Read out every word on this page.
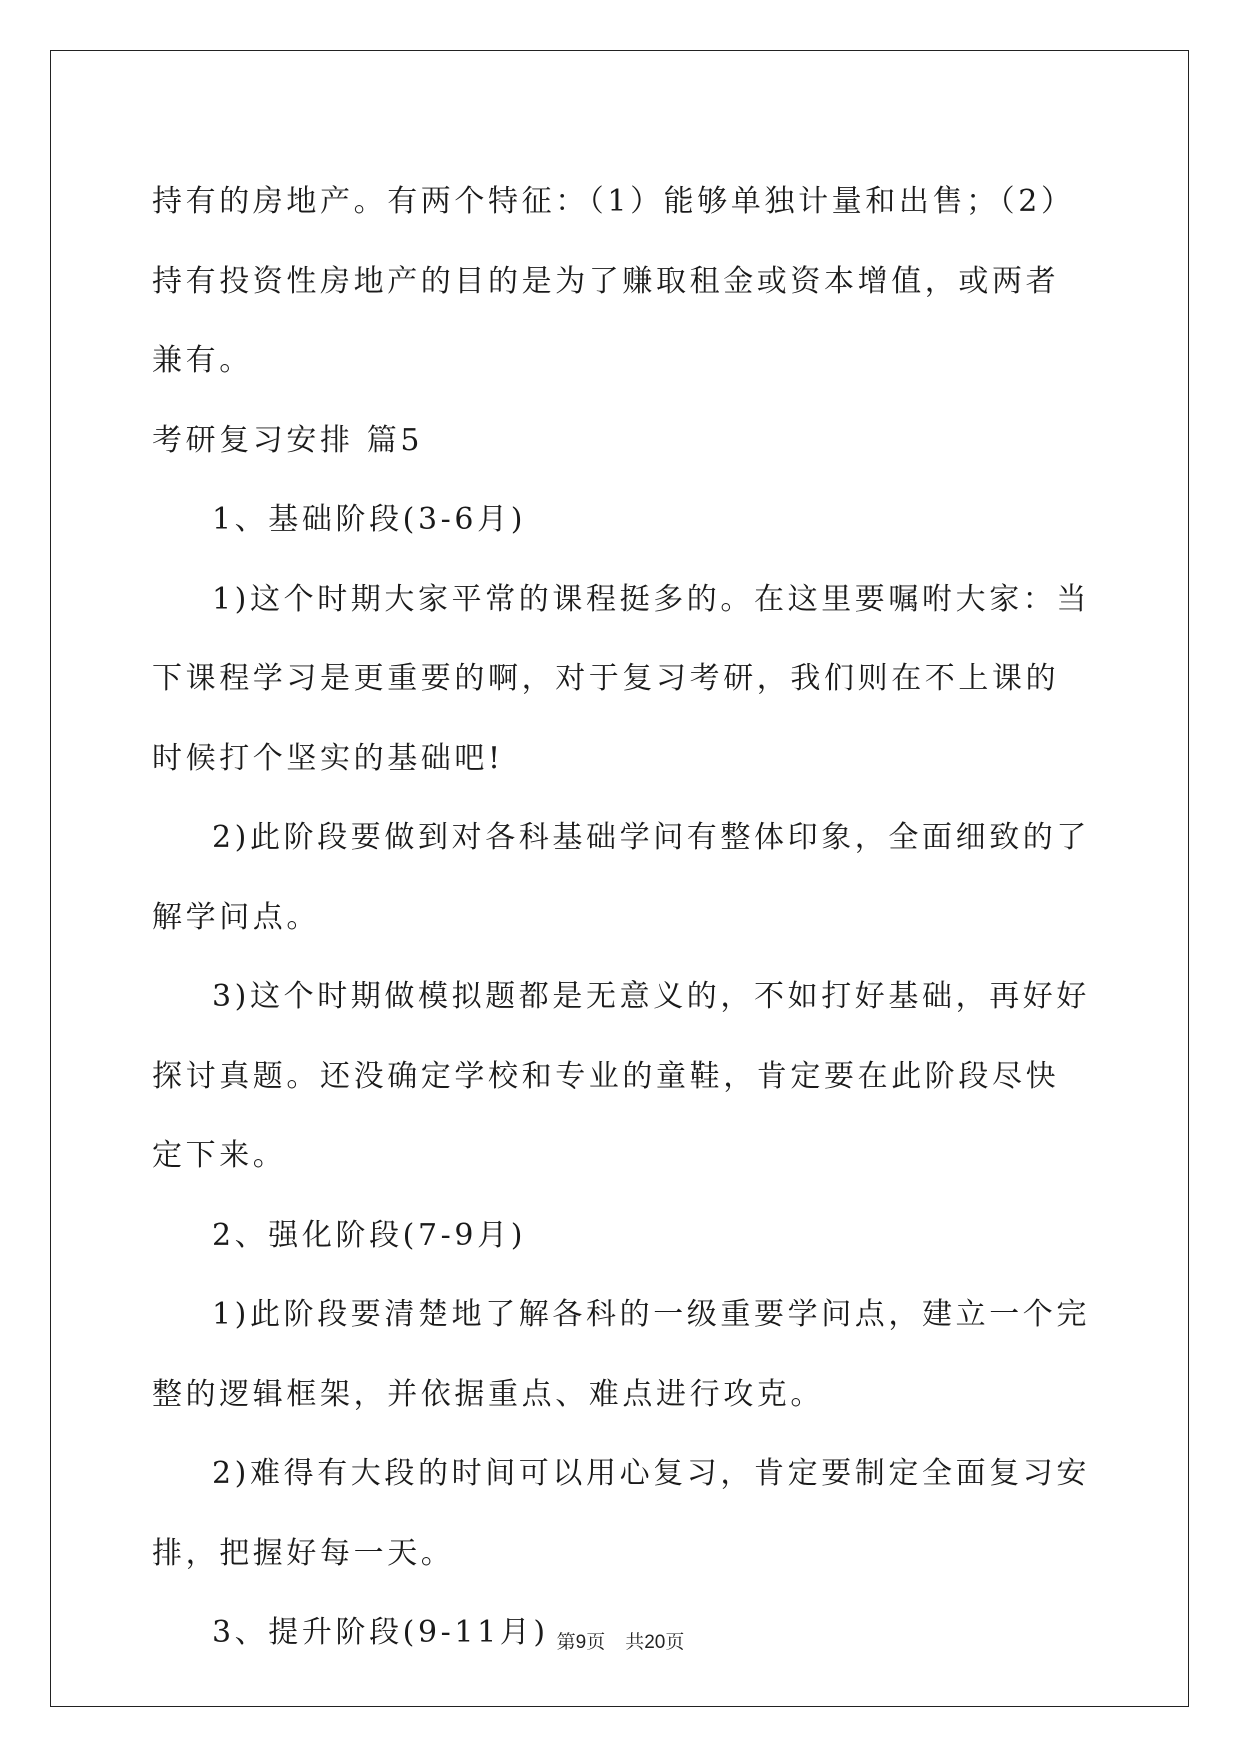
持有的房地产。有两个特征：（1）能够单独计量和出售；（2）持有投资性房地产的目的是为了赚取租金或资本增值，或两者兼有。

考研复习安排 篇5

1、基础阶段(3-6月)

1)这个时期大家平常的课程挺多的。在这里要嘱咐大家：当下课程学习是更重要的啊，对于复习考研，我们则在不上课的时候打个坚实的基础吧!

2)此阶段要做到对各科基础学问有整体印象，全面细致的了解学问点。

3)这个时期做模拟题都是无意义的，不如打好基础，再好好探讨真题。还没确定学校和专业的童鞋，肯定要在此阶段尽快定下来。

2、强化阶段(7-9月)

1)此阶段要清楚地了解各科的一级重要学问点，建立一个完整的逻辑框架，并依据重点、难点进行攻克。

2)难得有大段的时间可以用心复习，肯定要制定全面复习安排，把握好每一天。

3、提升阶段(9-11月) 第9页 共20页
